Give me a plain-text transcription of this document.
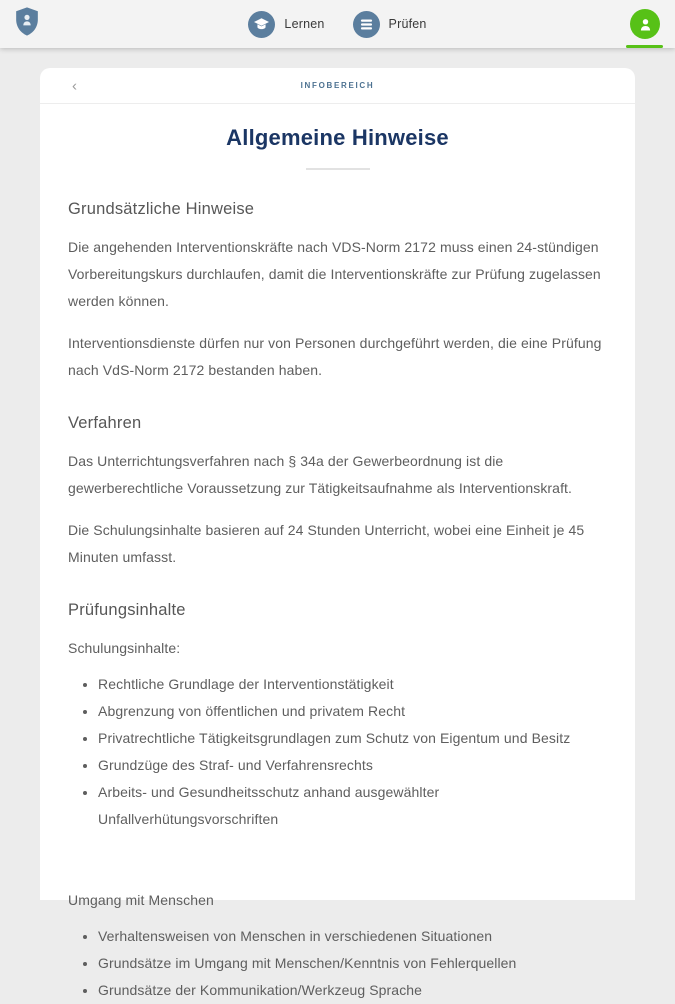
Lernen	Prüfen
‹	INFOBEREICH
Allgemeine Hinweise
Grundsätzliche Hinweise

Die angehenden Interventionskräfte nach VDS-Norm 2172 muss einen 24-stündigen Vorbereitungskurs durchlaufen, damit die Interventionskräfte zur Prüfung zugelassen werden können.

Interventionsdienste dürfen nur von Personen durchgeführt werden, die eine Prüfung nach VdS-Norm 2172 bestanden haben.

Verfahren

Das Unterrichtungsverfahren nach § 34a der Gewerbeordnung ist die gewerberechtliche Voraussetzung zur Tätigkeitsaufnahme als Interventionskraft.

Die Schulungsinhalte basieren auf 24 Stunden Unterricht, wobei eine Einheit je 45 Minuten umfasst.

Prüfungsinhalte

Schulungsinhalte:

• Rechtliche Grundlage der Interventionstätigkeit
• Abgrenzung von öffentlichen und privatem Recht
• Privatrechtliche Tätigkeitsgrundlagen zum Schutz von Eigentum und Besitz
• Grundzüge des Straf- und Verfahrensrechts
• Arbeits- und Gesundheitsschutz anhand ausgewählter Unfallverhütungsvorschriften

Umgang mit Menschen

• Verhaltensweisen von Menschen in verschiedenen Situationen
• Grundsätze im Umgang mit Menschen/Kenntnis von Fehlerquellen
• Grundsätze der Kommunikation/Werkzeug Sprache
